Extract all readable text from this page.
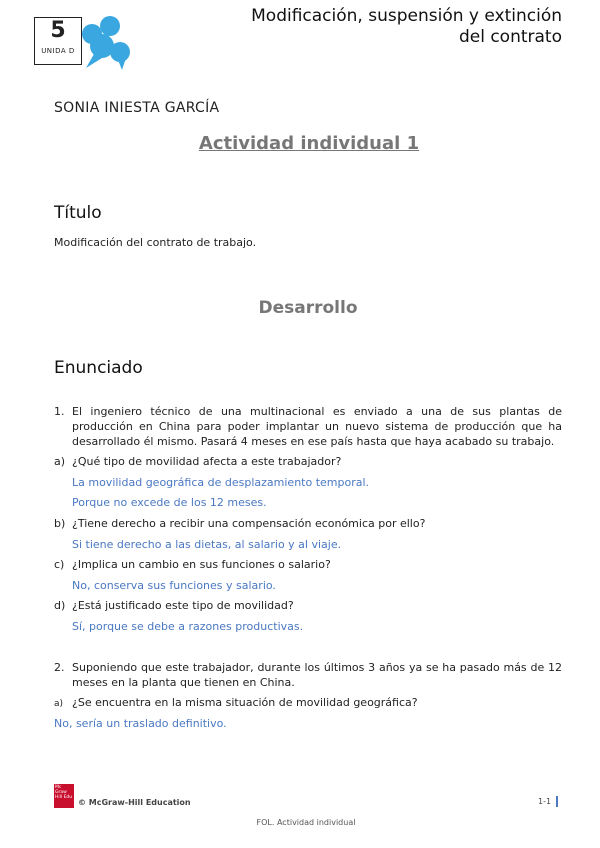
5
UNIDA D
Modificación, suspensión y extinción
del contrato
SONIA INIESTA GARCÍA
Actividad individual 1
Título
Modificación del contrato de trabajo.
Desarrollo
Enunciado
1. El ingeniero técnico de una multinacional es enviado a una de sus plantas de producción en China para poder implantar un nuevo sistema de producción que ha desarrollado él mismo. Pasará 4 meses en ese país hasta que haya acabado su trabajo.
a) ¿Qué tipo de movilidad afecta a este trabajador?
La movilidad geográfica de desplazamiento temporal.
Porque no excede de los 12 meses.
b) ¿Tiene derecho a recibir una compensación económica por ello?
Si tiene derecho a las dietas, al salario y al viaje.
c) ¿Implica un cambio en sus funciones o salario?
No, conserva sus funciones y salario.
d) ¿Está justificado este tipo de movilidad?
Sí, porque se debe a razones productivas.
2. Suponiendo que este trabajador, durante los últimos 3 años ya se ha pasado más de 12 meses en la planta que tienen en China.
a) ¿Se encuentra en la misma situación de movilidad geográfica?
No, sería un traslado definitivo.
Mc Graw Hill Edu
© McGraw-Hill Education	1-1
FOL. Actividad individual
